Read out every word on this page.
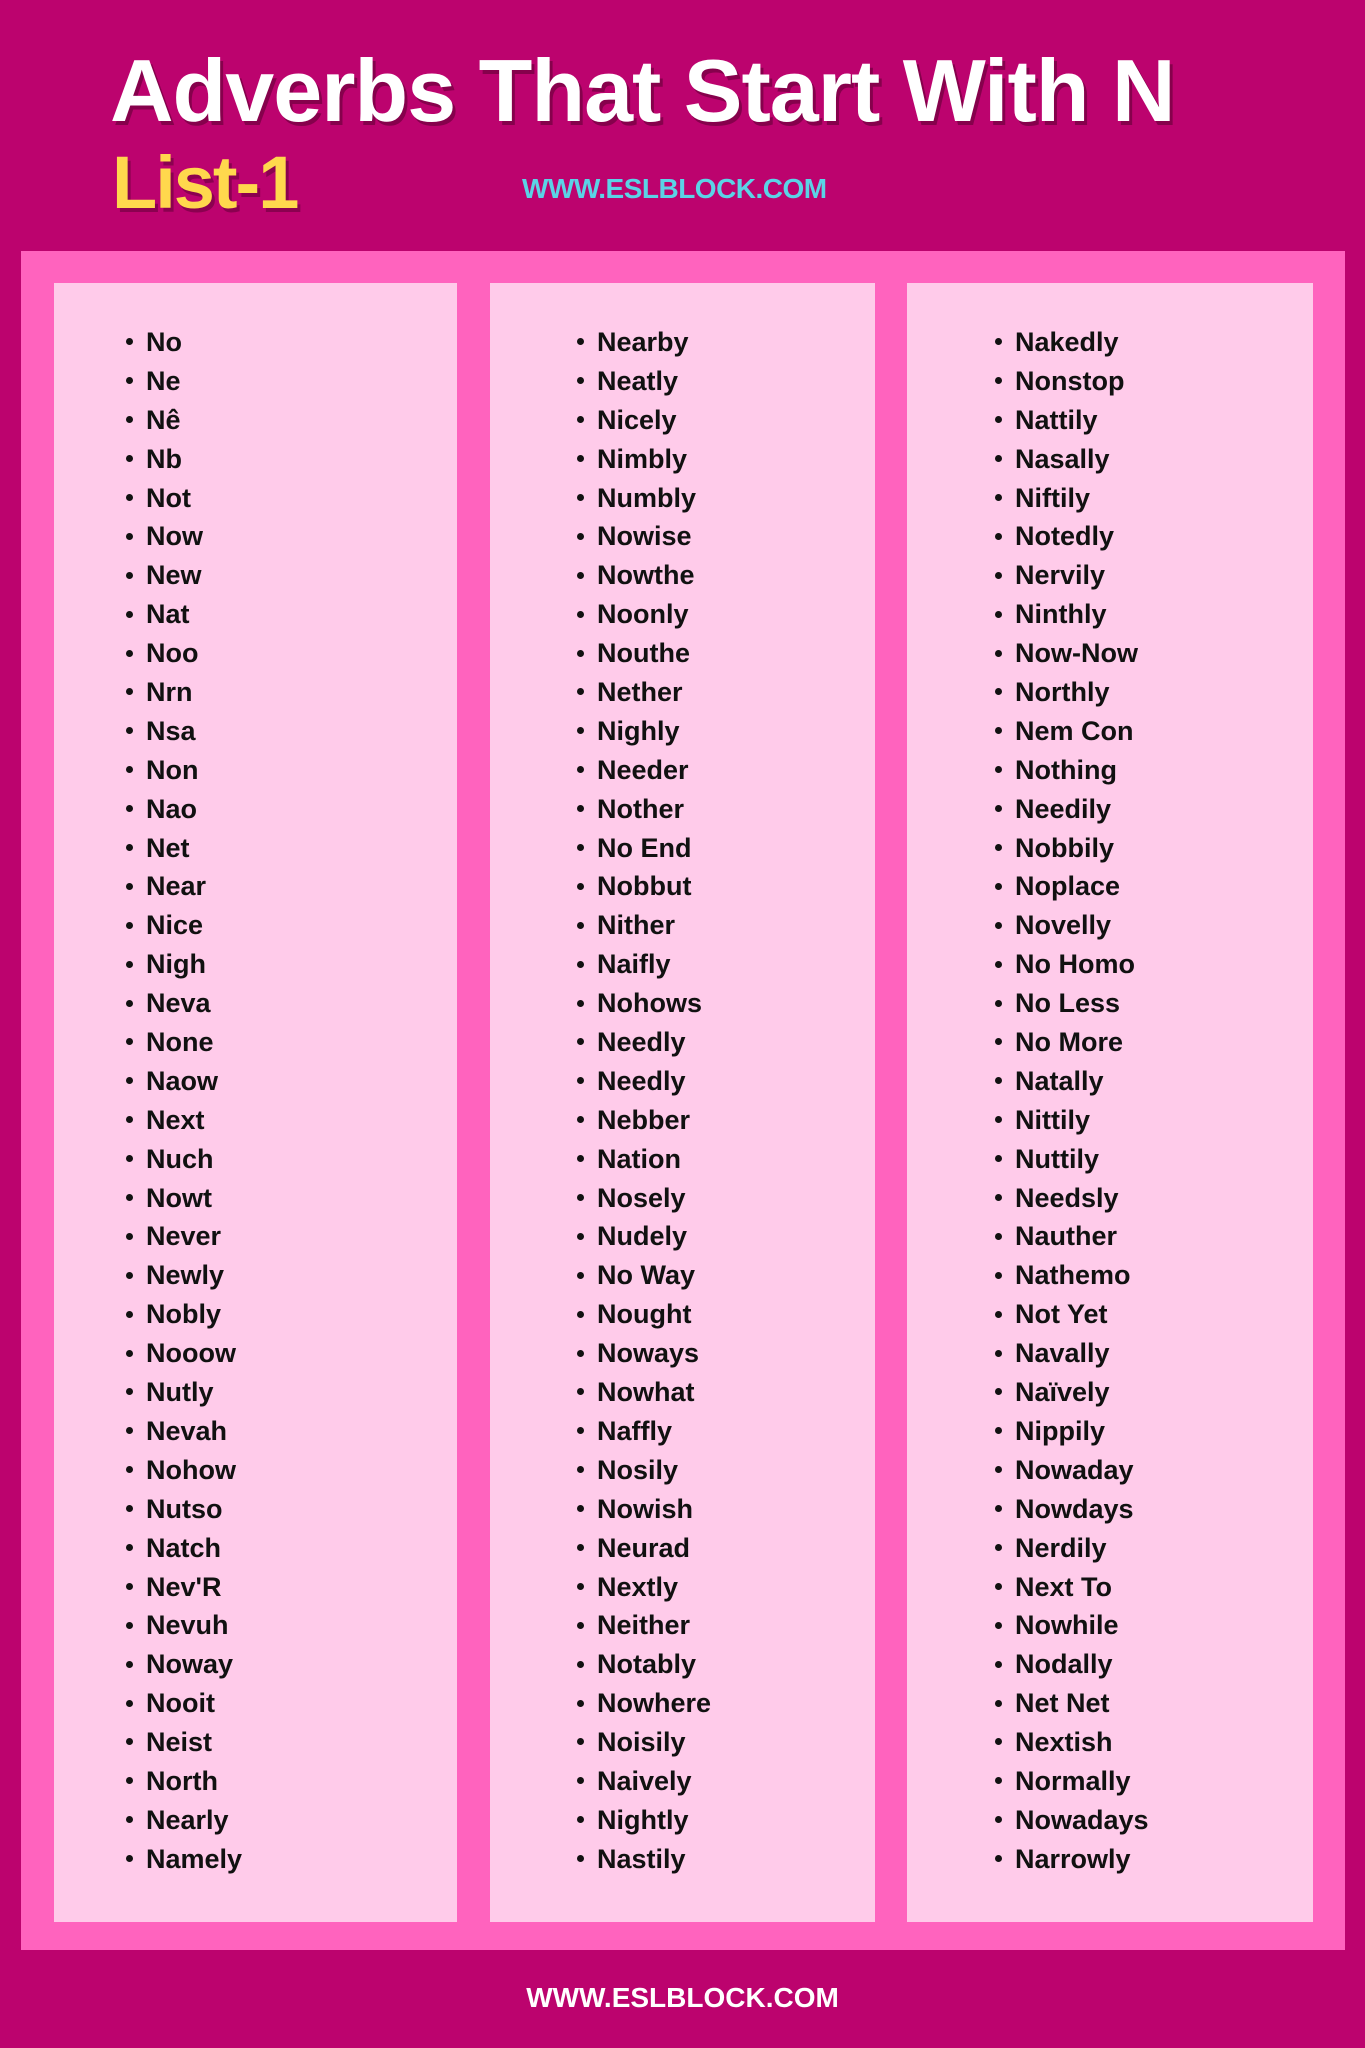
Adverbs That Start With N
List-1	WWW.ESLBLOCK.COM
No
Ne
Nê
Nb
Not
Now
New
Nat
Noo
Nrn
Nsa
Non
Nao
Net
Near
Nice
Nigh
Neva
None
Naow
Next
Nuch
Nowt
Never
Newly
Nobly
Nooow
Nutly
Nevah
Nohow
Nutso
Natch
Nev'R
Nevuh
Noway
Nooit
Neist
North
Nearly
Namely
Nearby
Neatly
Nicely
Nimbly
Numbly
Nowise
Nowthe
Noonly
Nouthe
Nether
Nighly
Needer
Nother
No End
Nobbut
Nither
Naifly
Nohows
Needly
Needly
Nebber
Nation
Nosely
Nudely
No Way
Nought
Noways
Nowhat
Naffly
Nosily
Nowish
Neurad
Nextly
Neither
Notably
Nowhere
Noisily
Naively
Nightly
Nastily
Nakedly
Nonstop
Nattily
Nasally
Niftily
Notedly
Nervily
Ninthly
Now-Now
Northly
Nem Con
Nothing
Needily
Nobbily
Noplace
Novelly
No Homo
No Less
No More
Natally
Nittily
Nuttily
Needsly
Nauther
Nathemo
Not Yet
Navally
Naïvely
Nippily
Nowaday
Nowdays
Nerdily
Next To
Nowhile
Nodally
Net Net
Nextish
Normally
Nowadays
Narrowly
WWW.ESLBLOCK.COM
